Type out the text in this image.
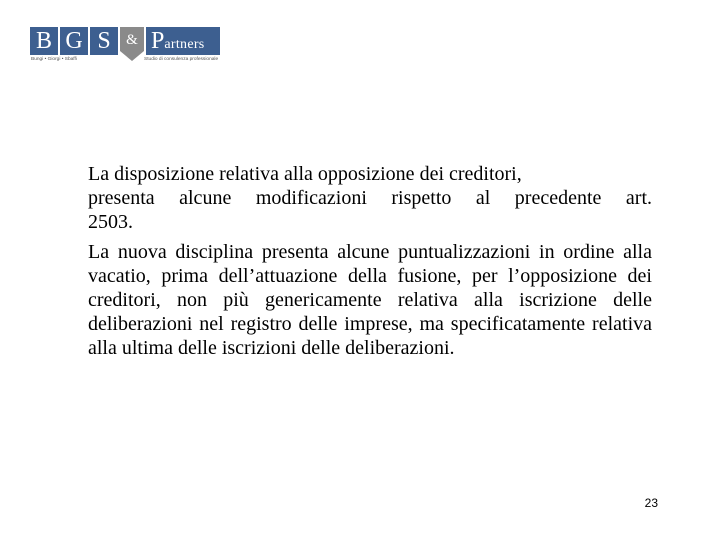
B G S	& Partners
Bungi • Giorgi • Sbaffi	Studio di consulenza professionale

La disposizione relativa alla opposizione dei creditori,
presenta alcune modificazioni rispetto al precedente art.
2503.

La nuova disciplina presenta alcune puntualizzazioni in ordine alla vacatio, prima dell’attuazione della fusione, per l’opposizione dei creditori, non più genericamente relativa alla iscrizione delle deliberazioni nel registro delle imprese, ma specificatamente relativa alla ultima delle iscrizioni delle deliberazioni.

23
